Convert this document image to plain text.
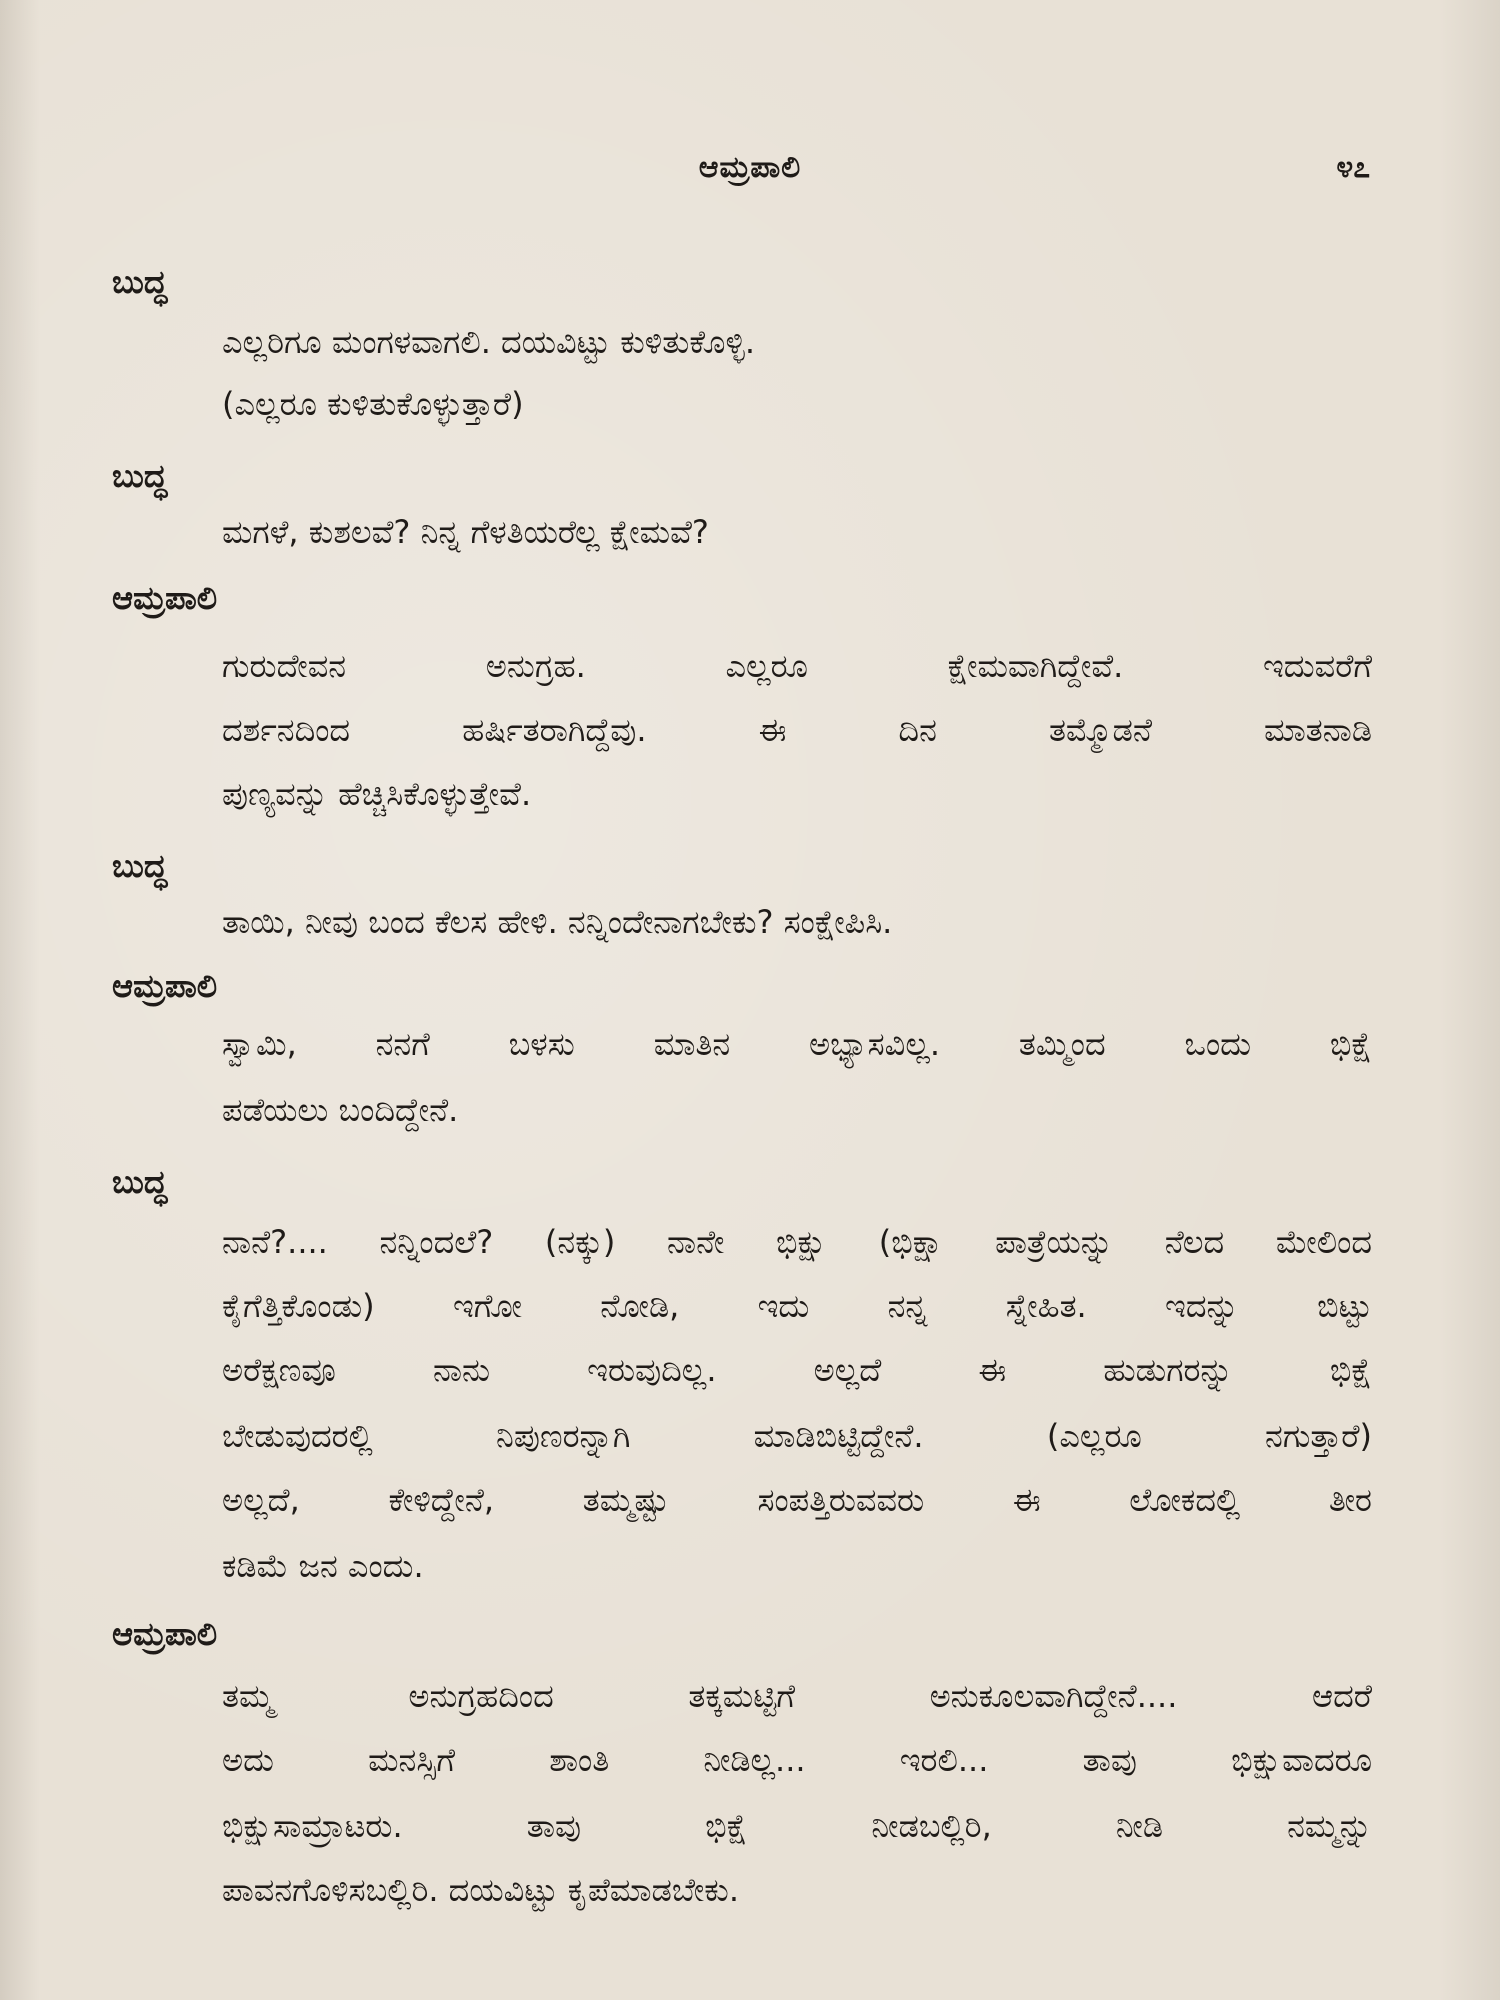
ಆಮ್ರಪಾಲಿ	೪೭
ಬುದ್ಧ
ಎಲ್ಲರಿಗೂ ಮಂಗಳವಾಗಲಿ. ದಯವಿಟ್ಟು ಕುಳಿತುಕೊಳ್ಳಿ.
(ಎಲ್ಲರೂ ಕುಳಿತುಕೊಳ್ಳುತ್ತಾರೆ)
ಬುದ್ಧ
ಮಗಳೆ, ಕುಶಲವೆ? ನಿನ್ನ ಗೆಳತಿಯರೆಲ್ಲ ಕ್ಷೇಮವೆ?
ಆಮ್ರಪಾಲಿ
ಗುರುದೇವನ ಅನುಗ್ರಹ. ಎಲ್ಲರೂ ಕ್ಷೇಮವಾಗಿದ್ದೇವೆ. ಇದುವರೆಗೆ
ದರ್ಶನದಿಂದ ಹರ್ಷಿತರಾಗಿದ್ದೆವು. ಈ ದಿನ ತಮ್ಮೊಡನೆ ಮಾತನಾಡಿ
ಪುಣ್ಯವನ್ನು ಹೆಚ್ಚಿಸಿಕೊಳ್ಳುತ್ತೇವೆ.
ಬುದ್ಧ
ತಾಯಿ, ನೀವು ಬಂದ ಕೆಲಸ ಹೇಳಿ. ನನ್ನಿಂದೇನಾಗಬೇಕು? ಸಂಕ್ಷೇಪಿಸಿ.
ಆಮ್ರಪಾಲಿ
ಸ್ವಾಮಿ, ನನಗೆ ಬಳಸು ಮಾತಿನ ಅಭ್ಯಾಸವಿಲ್ಲ. ತಮ್ಮಿಂದ ಒಂದು ಭಿಕ್ಷೆ
ಪಡೆಯಲು ಬಂದಿದ್ದೇನೆ.
ಬುದ್ಧ
ನಾನೆ?.... ನನ್ನಿಂದಲೆ? (ನಕ್ಕು) ನಾನೇ ಭಿಕ್ಷು (ಭಿಕ್ಷಾ ಪಾತ್ರೆಯನ್ನು ನೆಲದ ಮೇಲಿಂದ
ಕೈಗೆತ್ತಿಕೊಂಡು) ಇಗೋ ನೋಡಿ, ಇದು ನನ್ನ ಸ್ನೇಹಿತ. ಇದನ್ನು ಬಿಟ್ಟು
ಅರೆಕ್ಷಣವೂ ನಾನು ಇರುವುದಿಲ್ಲ. ಅಲ್ಲದೆ ಈ ಹುಡುಗರನ್ನು ಭಿಕ್ಷೆ
ಬೇಡುವುದರಲ್ಲಿ ನಿಪುಣರನ್ನಾಗಿ ಮಾಡಿಬಿಟ್ಟಿದ್ದೇನೆ. (ಎಲ್ಲರೂ ನಗುತ್ತಾರೆ)
ಅಲ್ಲದೆ, ಕೇಳಿದ್ದೇನೆ, ತಮ್ಮಷ್ಟು ಸಂಪತ್ತಿರುವವರು ಈ ಲೋಕದಲ್ಲಿ ತೀರ
ಕಡಿಮೆ ಜನ ಎಂದು.
ಆಮ್ರಪಾಲಿ
ತಮ್ಮ ಅನುಗ್ರಹದಿಂದ ತಕ್ಕಮಟ್ಟಿಗೆ ಅನುಕೂಲವಾಗಿದ್ದೇನೆ.... ಆದರೆ
ಅದು ಮನಸ್ಸಿಗೆ ಶಾಂತಿ ನೀಡಿಲ್ಲ... ಇರಲಿ... ತಾವು ಭಿಕ್ಷುವಾದರೂ
ಭಿಕ್ಷುಸಾಮ್ರಾಟರು. ತಾವು ಭಿಕ್ಷೆ ನೀಡಬಲ್ಲಿರಿ, ನೀಡಿ ನಮ್ಮನ್ನು
ಪಾವನಗೊಳಿಸಬಲ್ಲಿರಿ. ದಯವಿಟ್ಟು ಕೃಪೆಮಾಡಬೇಕು.
